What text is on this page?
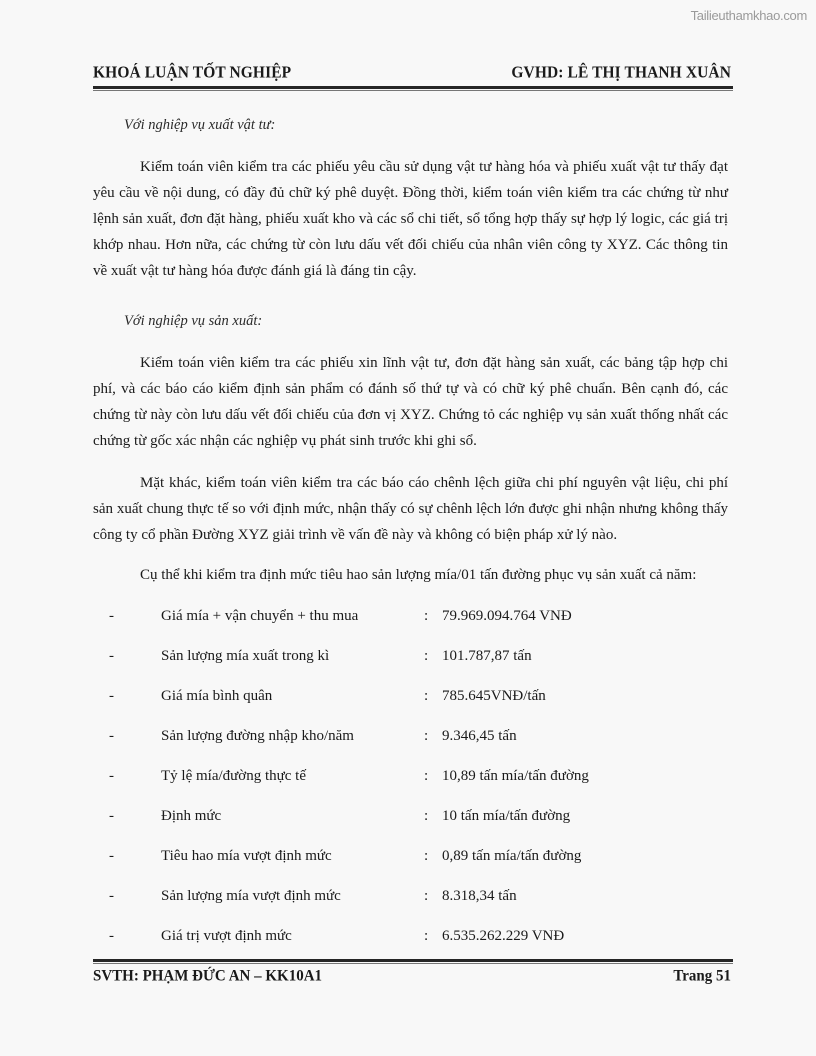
Tailieuthamkhao.com
KHOÁ LUẬN TỐT NGHIỆP	GVHD: LÊ THỊ THANH XUÂN
Với nghiệp vụ xuất vật tư:

Kiểm toán viên kiểm tra các phiếu yêu cầu sử dụng vật tư hàng hóa và phiếu xuất vật tư thấy đạt yêu cầu về nội dung, có đầy đủ chữ ký phê duyệt. Đồng thời, kiểm toán viên kiểm tra các chứng từ như lệnh sản xuất, đơn đặt hàng, phiếu xuất kho và các sổ chi tiết, sổ tổng hợp thấy sự hợp lý logic, các giá trị khớp nhau. Hơn nữa, các chứng từ còn lưu dấu vết đối chiếu của nhân viên công ty XYZ. Các thông tin về xuất vật tư hàng hóa được đánh giá là đáng tin cậy.

Với nghiệp vụ sản xuất:

Kiểm toán viên kiểm tra các phiếu xin lĩnh vật tư, đơn đặt hàng sản xuất, các bảng tập hợp chi phí, và các báo cáo kiểm định sản phẩm có đánh số thứ tự và có chữ ký phê chuẩn. Bên cạnh đó, các chứng từ này còn lưu dấu vết đối chiếu của đơn vị XYZ. Chứng tỏ các nghiệp vụ sản xuất thống nhất các chứng từ gốc xác nhận các nghiệp vụ phát sinh trước khi ghi sổ.

Mặt khác, kiểm toán viên kiểm tra các báo cáo chênh lệch giữa chi phí nguyên vật liệu, chi phí sản xuất chung thực tế so với định mức, nhận thấy có sự chênh lệch lớn được ghi nhận nhưng không thấy công ty cổ phần Đường XYZ giải trình về vấn đề này và không có biện pháp xử lý nào.

Cụ thể khi kiểm tra định mức tiêu hao sản lượng mía/01 tấn đường phục vụ sản xuất cả năm:

-	Giá mía + vận chuyển + thu mua	: 79.969.094.764 VNĐ
-	Sản lượng mía xuất trong kì	: 101.787,87 tấn
-	Giá mía bình quân	: 785.645VNĐ/tấn
-	Sản lượng đường nhập kho/năm	: 9.346,45 tấn
-	Tỷ lệ mía/đường thực tế	: 10,89 tấn mía/tấn đường
-	Định mức	: 10 tấn mía/tấn đường
-	Tiêu hao mía vượt định mức	: 0,89 tấn mía/tấn đường
-	Sản lượng mía vượt định mức	: 8.318,34 tấn
-	Giá trị vượt định mức	: 6.535.262.229 VNĐ
SVTH: PHẠM ĐỨC AN – KK10A1	Trang 51
